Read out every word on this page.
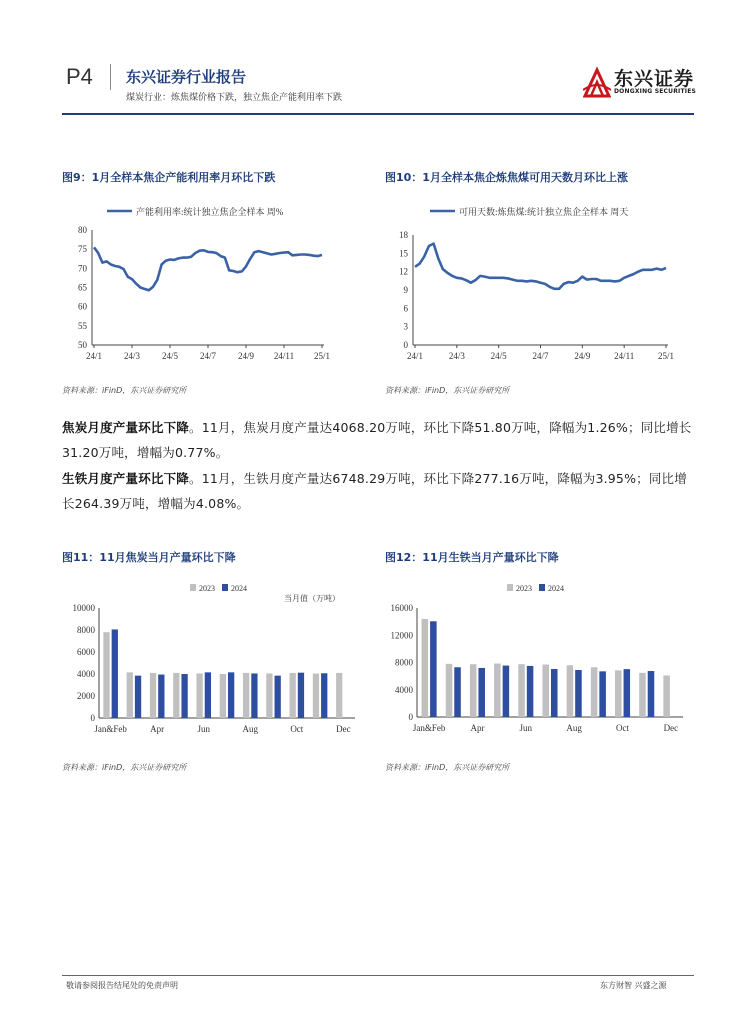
P4 东兴证券行业报告
煤炭行业：炼焦煤价格下跌，独立焦企产能利用率下跌
东兴证券
DONGXING SECURITIES
图9：1月全样本焦企产能利用率月环比下跌	图10：1月全样本焦企炼焦煤可用天数月环比上涨
资料来源：iFinD，东兴证券研究所	资料来源：iFinD，东兴证券研究所
产能利用率:统计独立焦企全样本 周%
50
55
60
65
70
75
80
24/1 24/3 24/5 24/7 24/9 24/11 25/1
可用天数:炼焦煤:统计独立焦企全样本 周天
0
3
6
9
12
15
18
24/1	24/3	24/5	24/7	24/9	24/11	25/1
焦炭月度产量环比下降。11月，焦炭月度产量达4068.20万吨，环比下降51.80万吨，降幅为1.26%；同比增长31.20万吨，增幅为0.77%。
生铁月度产量环比下降。11月，生铁月度产量达6748.29万吨，环比下降277.16万吨，降幅为3.95%；同比增长264.39万吨，增幅为4.08%。
图11：11月焦炭当月产量环比下降	图12：11月生铁当月产量环比下降
资料来源：iFinD，东兴证券研究所	资料来源：iFinD，东兴证券研究所
2023 2024
当月值（万吨）
0
2000
4000
6000
8000
10000
Jan&Feb	Apr	Jun	Aug	Oct	Dec
2023 2024
0
4000
8000
12000
16000
Jan&Feb	Apr	Jun	Aug	Oct	Dec
敬请参阅报告结尾处的免责声明	东方财智 兴盛之源
